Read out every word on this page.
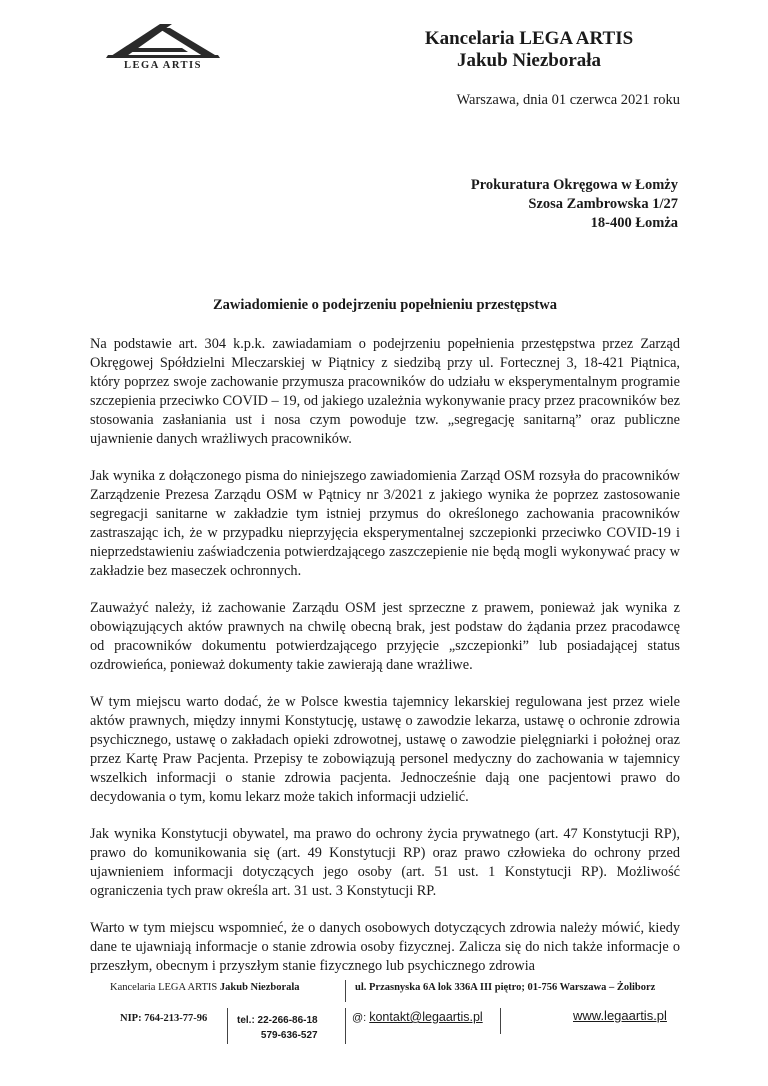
LEGA ARTIS
Kancelaria LEGA ARTIS
Jakub Niezborała
Warszawa, dnia 01 czerwca 2021 roku
Prokuratura Okręgowa w Łomży
Szosa Zambrowska 1/27
18-400 Łomża
Zawiadomienie o podejrzeniu popełnieniu przestępstwa

Na podstawie art. 304 k.p.k. zawiadamiam o podejrzeniu popełnienia przestępstwa przez Zarząd Okręgowej Spółdzielni Mleczarskiej w Piątnicy z siedzibą przy ul. Fortecznej 3, 18-421 Piątnica, który poprzez swoje zachowanie przymusza pracowników do udziału w eksperymentalnym programie szczepienia przeciwko COVID – 19, od jakiego uzależnia wykonywanie pracy przez pracowników bez stosowania zasłaniania ust i nosa czym powoduje tzw. „segregację sanitarną” oraz publiczne ujawnienie danych wrażliwych pracowników.

Jak wynika z dołączonego pisma do niniejszego zawiadomienia Zarząd OSM rozsyła do pracowników Zarządzenie Prezesa Zarządu OSM w Pątnicy nr 3/2021 z jakiego wynika że poprzez zastosowanie segregacji sanitarne w zakładzie tym istniej przymus do określonego zachowania pracowników zastraszając ich, że w przypadku nieprzyjęcia eksperymentalnej szczepionki przeciwko COVID-19 i nieprzedstawieniu zaświadczenia potwierdzającego zaszczepienie nie będą mogli wykonywać pracy w zakładzie bez maseczek ochronnych.

Zauważyć należy, iż zachowanie Zarządu OSM jest sprzeczne z prawem, ponieważ jak wynika z obowiązujących aktów prawnych na chwilę obecną brak, jest podstaw do żądania przez pracodawcę od pracowników dokumentu potwierdzającego przyjęcie „szczepionki” lub posiadającej status ozdrowieńca, ponieważ dokumenty takie zawierają dane wrażliwe.

W tym miejscu warto dodać, że w Polsce kwestia tajemnicy lekarskiej regulowana jest przez wiele aktów prawnych, między innymi Konstytucję, ustawę o zawodzie lekarza, ustawę o ochronie zdrowia psychicznego, ustawę o zakładach opieki zdrowotnej, ustawę o zawodzie pielęgniarki i położnej oraz przez Kartę Praw Pacjenta. Przepisy te zobowiązują personel medyczny do zachowania w tajemnicy wszelkich informacji o stanie zdrowia pacjenta. Jednocześnie dają one pacjentowi prawo do decydowania o tym, komu lekarz może takich informacji udzielić.

Jak wynika Konstytucji obywatel, ma prawo do ochrony życia prywatnego (art. 47 Konstytucji RP), prawo do komunikowania się (art. 49 Konstytucji RP) oraz prawo człowieka do ochrony przed ujawnieniem informacji dotyczących jego osoby (art. 51 ust. 1 Konstytucji RP). Możliwość ograniczenia tych praw określa art. 31 ust. 3 Konstytucji RP.

Warto w tym miejscu wspomnieć, że o danych osobowych dotyczących zdrowia należy mówić, kiedy dane te ujawniają informacje o stanie zdrowia osoby fizycznej. Zalicza się do nich także informacje o przeszłym, obecnym i przyszłym stanie fizycznego lub psychicznego zdrowia

Kancelaria LEGA ARTIS Jakub Niezborala	ul. Przasnyska 6A lok 336A III piętro; 01-756 Warszawa – Żoliborz
NIP: 764-213-77-96	tel.: 22-266-86-18
579-636-527
@: kontakt@legaartis.pl	www.legaartis.pl
